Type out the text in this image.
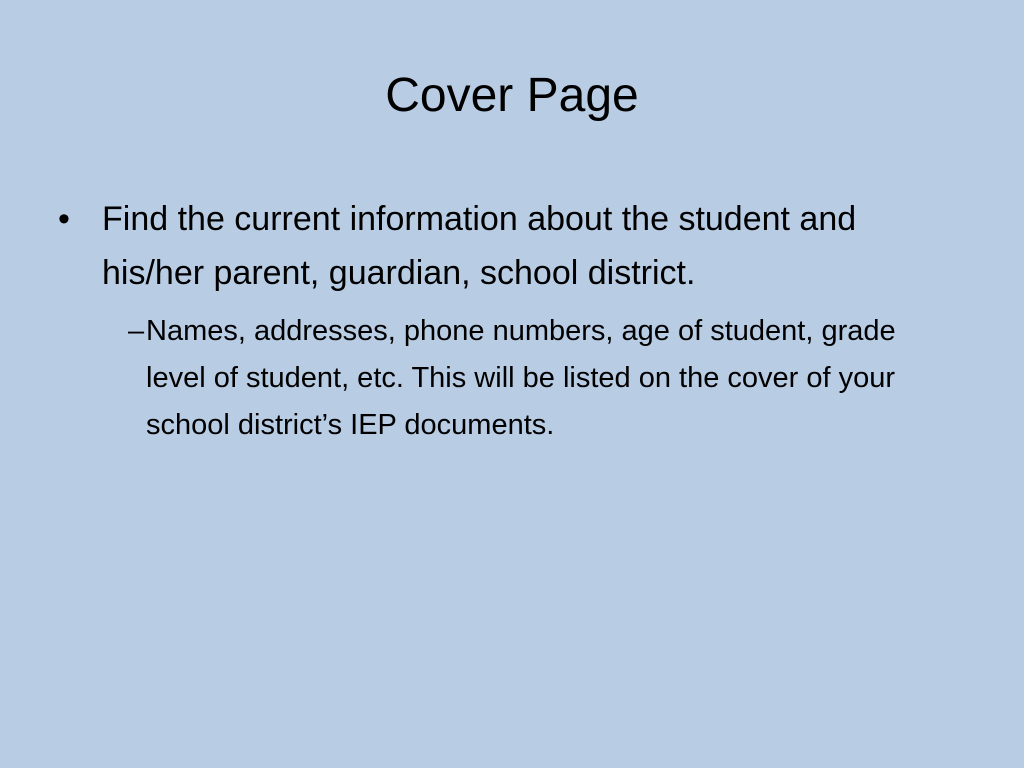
Cover Page
• Find the current information about the student and his/her parent, guardian, school district.
– Names, addresses, phone numbers, age of student, grade level of student, etc. This will be listed on the cover of your school district’s IEP documents.
